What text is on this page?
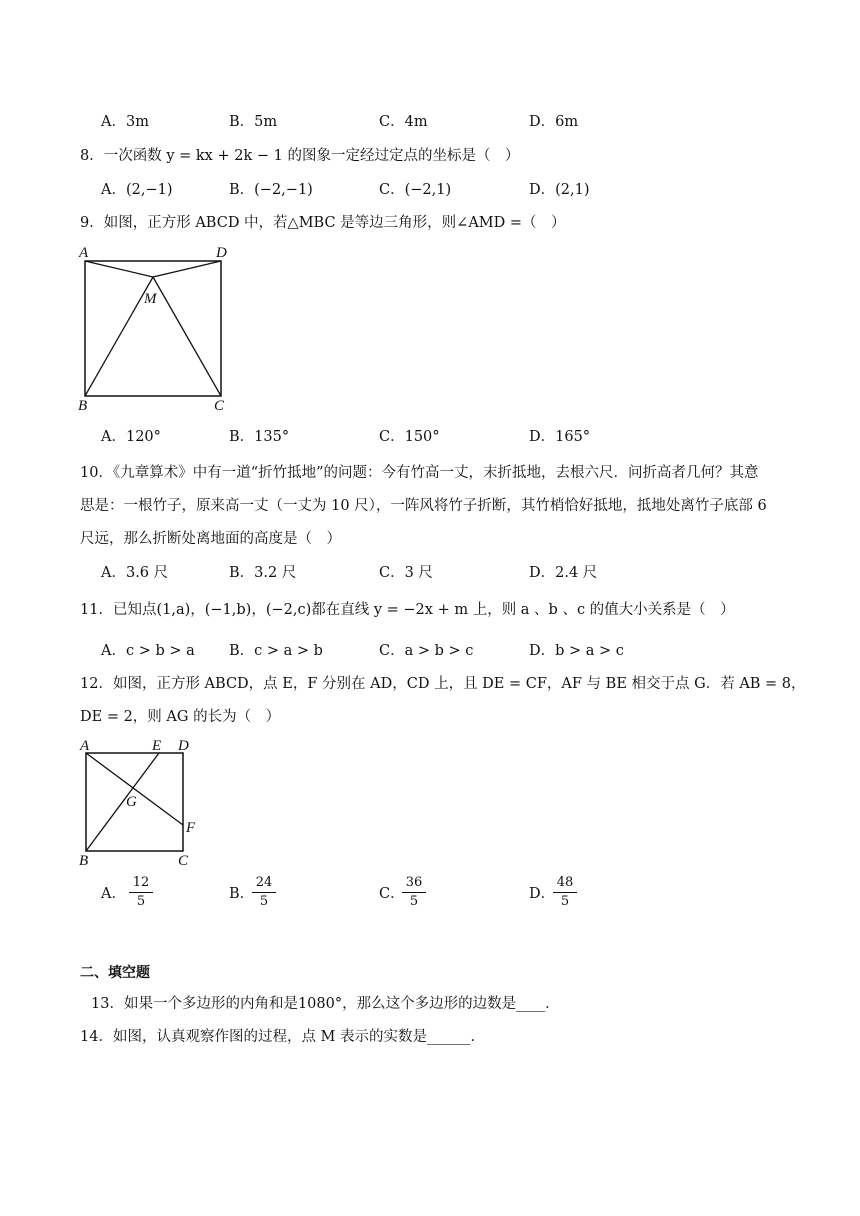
A．3m	B．5m	C．4m	D．6m
8．一次函数 y = kx + 2k − 1 的图象一定经过定点的坐标是（　）
A．(2,−1)	B．(−2,−1)	C．(−2,1)	D．(2,1)
9．如图，正方形 ABCD 中，若△MBC 是等边三角形，则∠AMD =（　）
A	D
M
B	C
A．120°	B．135°	C．150°	D．165°
10．《九章算术》中有一道“折竹抵地”的问题：今有竹高一丈，末折抵地，去根六尺．问折高者几何？其意
思是：一根竹子，原来高一丈（一丈为 10 尺），一阵风将竹子折断，其竹梢恰好抵地，抵地处离竹子底部 6
尺远，那么折断处离地面的高度是（　）
A．3.6 尺	B．3.2 尺	C．3 尺	D．2.4 尺
11．已知点(1,a)，(−1,b)，(−2,c)都在直线 y = −2x + m 上，则 a 、b 、c 的值大小关系是（　）
A．c > b > a B．c > a > b	C．a > b > c	D．b > a > c
12．如图，正方形 ABCD，点 E，F 分别在 AD，CD 上，且 DE = CF，AF 与 BE 相交于点 G．若 AB = 8，
DE = 2，则 AG 的长为（　）
A	E D
G
F
B	C
A．
12
5	B．
24
5	C．
36
5	D．
48
5
二、填空题
13．如果一个多边形的内角和是1080°，那么这个多边形的边数是____．
14．如图，认真观察作图的过程，点 M 表示的实数是______．
